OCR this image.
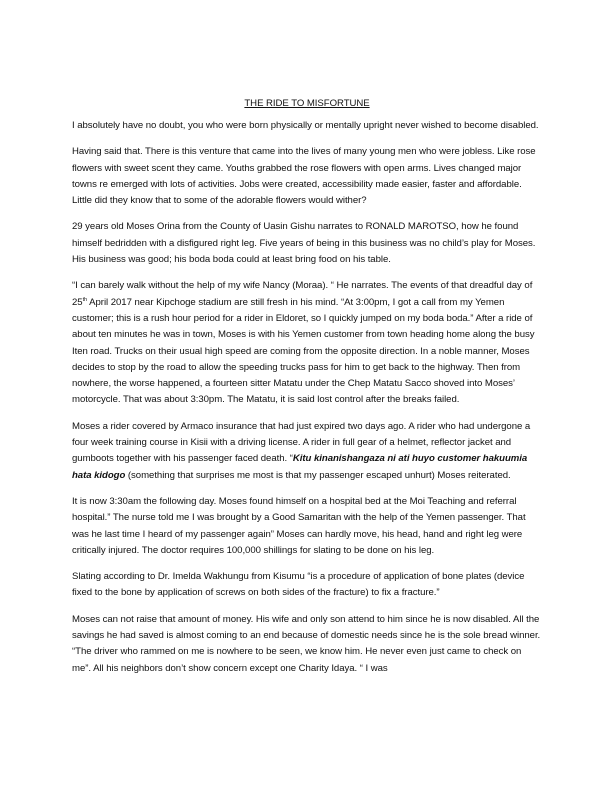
THE RIDE TO MISFORTUNE

I absolutely have no doubt, you who were born physically or mentally upright never wished to become disabled.

Having said that. There is this venture that came into the lives of many young men who were jobless. Like rose flowers with sweet scent they came. Youths grabbed the rose flowers with open arms. Lives changed major towns re emerged with lots of activities. Jobs were created, accessibility made easier, faster and affordable. Little did they know that to some of the adorable flowers would wither?

29 years old Moses Orina from the County of Uasin Gishu narrates to RONALD MAROTSO, how he found himself bedridden with a disfigured right leg. Five years of being in this business was no child’s play for Moses. His business was good; his boda boda could at least bring food on his table.

“I can barely walk without the help of my wife Nancy (Moraa). “ He narrates. The events of that dreadful day of 25th April 2017 near Kipchoge stadium are still fresh in his mind. “At 3:00pm, I got a call from my Yemen customer; this is a rush hour period for a rider in Eldoret, so I quickly jumped on my boda boda.” After a ride of about ten minutes he was in town, Moses is with his Yemen customer from town heading home along the busy Iten road. Trucks on their usual high speed are coming from the opposite direction. In a noble manner, Moses decides to stop by the road to allow the speeding trucks pass for him to get back to the highway. Then from nowhere, the worse happened, a fourteen sitter Matatu under the Chep Matatu Sacco shoved into Moses’ motorcycle. That was about 3:30pm. The Matatu, it is said lost control after the breaks failed.

Moses a rider covered by Armaco insurance that had just expired two days ago. A rider who had undergone a four week training course in Kisii with a driving license. A rider in full gear of a helmet, reflector jacket and gumboots together with his passenger faced death. “Kitu kinanishangaza ni ati huyo customer hakuumia hata kidogo (something that surprises me most is that my passenger escaped unhurt) Moses reiterated.

It is now 3:30am the following day. Moses found himself on a hospital bed at the Moi Teaching and referral hospital.” The nurse told me I was brought by a Good Samaritan with the help of the Yemen passenger. That was he last time I heard of my passenger again” Moses can hardly move, his head, hand and right leg were critically injured. The doctor requires 100,000 shillings for slating to be done on his leg.

Slating according to Dr. Imelda Wakhungu from Kisumu “is a procedure of application of bone plates (device fixed to the bone by application of screws on both sides of the fracture) to fix a fracture.”

Moses can not raise that amount of money. His wife and only son attend to him since he is now disabled. All the savings he had saved is almost coming to an end because of domestic needs since he is the sole bread winner. “The driver who rammed on me is nowhere to be seen, we know him. He never even just came to check on me”. All his neighbors don’t show concern except one Charity Idaya. “ I was
